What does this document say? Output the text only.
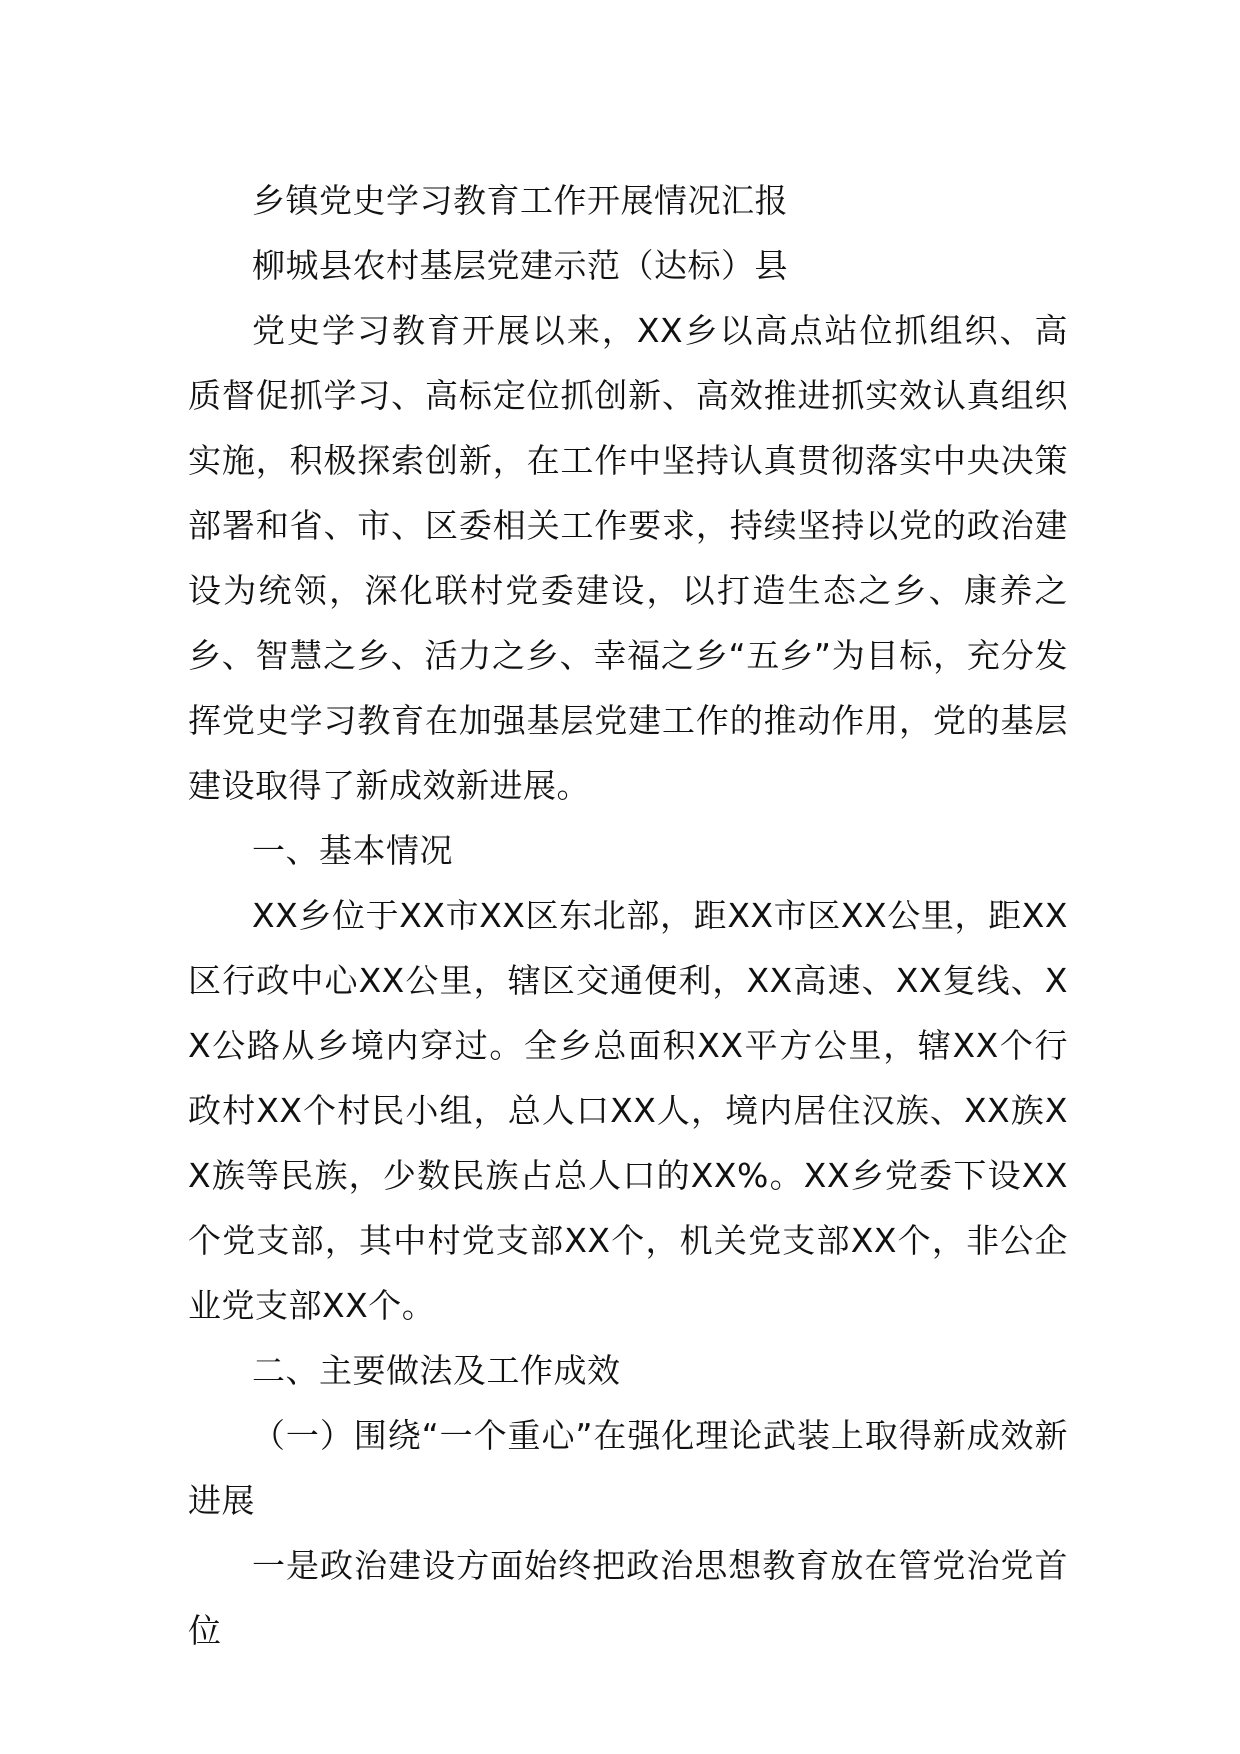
乡镇党史学习教育工作开展情况汇报

柳城县农村基层党建示范（达标）县

党史学习教育开展以来，XX乡以高点站位抓组织、高质督促抓学习、高标定位抓创新、高效推进抓实效认真组织实施，积极探索创新，在工作中坚持认真贯彻落实中央决策部署和省、市、区委相关工作要求，持续坚持以党的政治建设为统领，深化联村党委建设，以打造生态之乡、康养之乡、智慧之乡、活力之乡、幸福之乡“五乡”为目标，充分发挥党史学习教育在加强基层党建工作的推动作用，党的基层建设取得了新成效新进展。

一、基本情况

XX乡位于XX市XX区东北部，距XX市区XX公里，距XX区行政中心XX公里，辖区交通便利，XX高速、XX复线、XX公路从乡境内穿过。全乡总面积XX平方公里，辖XX个行政村XX个村民小组，总人口XX人，境内居住汉族、XX族XX族等民族，少数民族占总人口的XX%。XX乡党委下设XX个党支部，其中村党支部XX个，机关党支部XX个，非公企业党支部XX个。

二、主要做法及工作成效

（一）围绕“一个重心”在强化理论武装上取得新成效新进展

一是政治建设方面始终把政治思想教育放在管党治党首位
